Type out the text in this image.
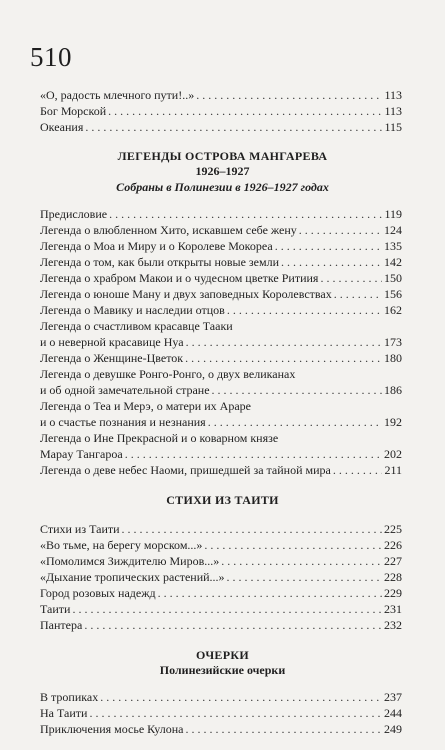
510
«О, радость млечного пути!..» . . .	113
Бог Морской . . .	113
Океания . . .	115
ЛЕГЕНДЫ ОСТРОВА МАНГАРЕВА
1926–1927
Собраны в Полинезии в 1926–1927 годах
Предисловие . . .	119
Легенда о влюбленном Хито, искавшем себе жену . . .	124
Легенда о Моа и Миру и о Королеве Мокореа . . .	135
Легенда о том, как были открыты новые земли . . .	142
Легенда о храбром Макои и о чудесном цветке Ритиия . . .	150
Легенда о юноше Ману и двух заповедных Королевствах . . .	156
Легенда о Мавику и наследии отцов . . .	162
Легенда о счастливом красавце Тааки
и о неверной красавице Нуа . . .	173
Легенда о Женщине-Цветок . . .	180
Легенда о девушке Ронго-Ронго, о двух великанах
и об одной замечательной стране . . .	186
Легенда о Теа и Мерэ, о матери их Араре
и о счастье познания и незнания . . .	192
Легенда о Ине Прекрасной и о коварном князе
Мараy Тангароа . . .	202
Легенда о деве небес Наоми, пришедшей за тайной мира . . .	211
СТИХИ ИЗ ТАИТИ
Стихи из Таити . . .	225
«Во тьме, на берегу морском...» . . .	226
«Помолимся Зиждителю Миров...» . . .	227
«Дыхание тропических растений...» . . .	228
Город розовых надежд . . .	229
Таити . . .	231
Пантера . . .	232
ОЧЕРКИ
Полинезийские очерки
В тропиках . . .	237
На Таити . . .	244
Приключения мосье Кулона . . .	249
